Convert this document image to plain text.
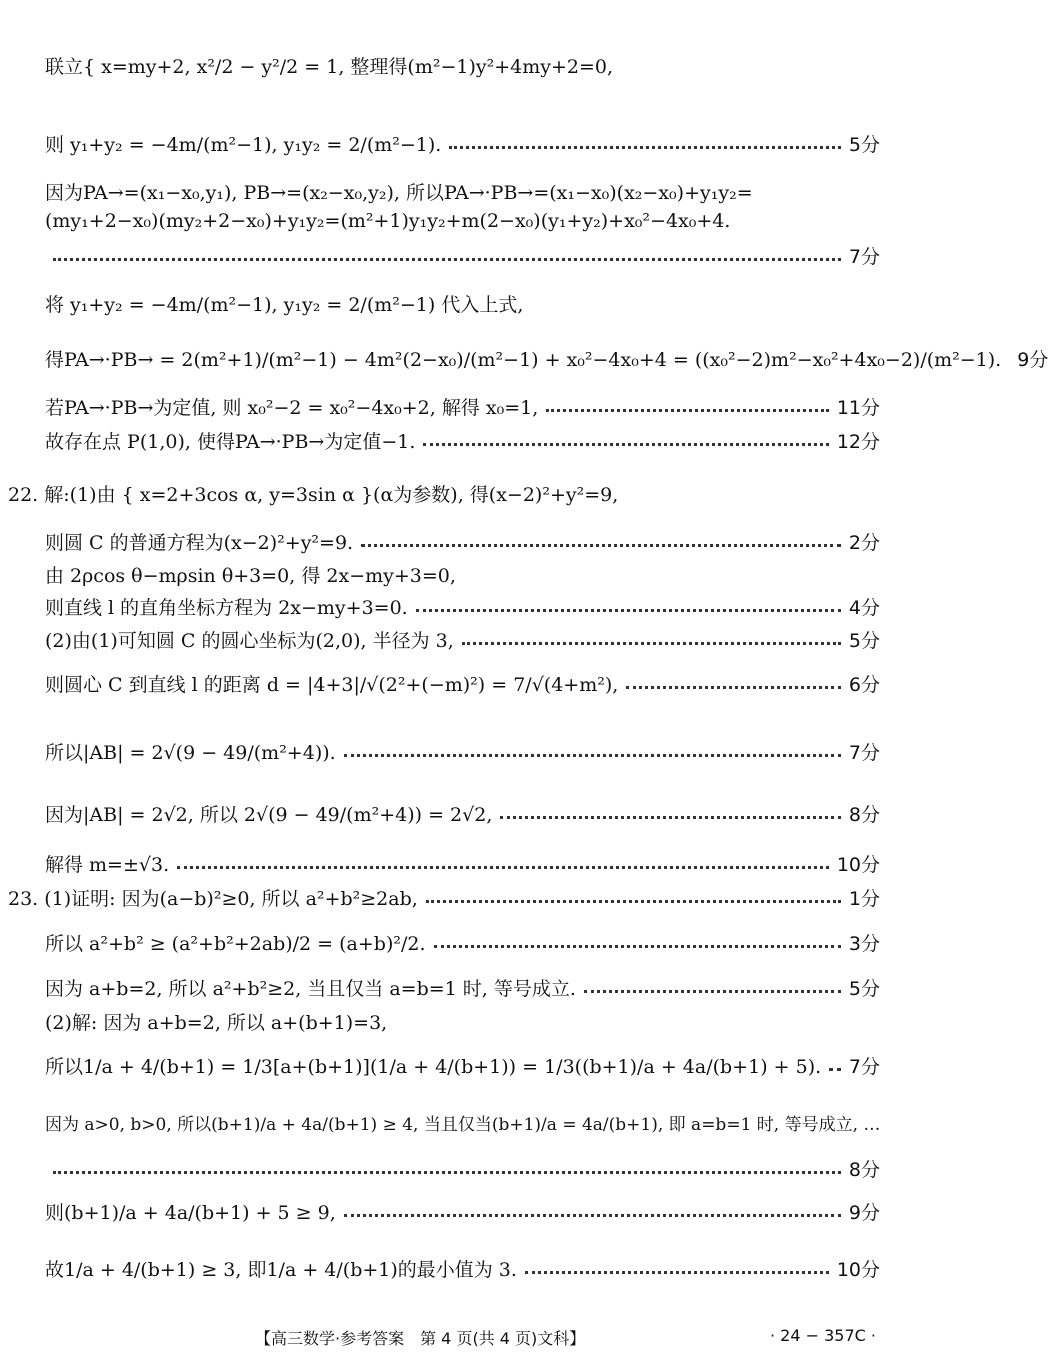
联立{ x=my+2, x²/2 − y²/2 = 1, 整理得(m²−1)y²+4my+2=0,
则 y₁+y₂ = −4m/(m²−1), y₁y₂ = 2/(m²−1).	5分
因为PA→=(x₁−x₀,y₁), PB→=(x₂−x₀,y₂), 所以PA→·PB→=(x₁−x₀)(x₂−x₀)+y₁y₂=
(my₁+2−x₀)(my₂+2−x₀)+y₁y₂=(m²+1)y₁y₂+m(2−x₀)(y₁+y₂)+x₀²−4x₀+4.
7分
将 y₁+y₂ = −4m/(m²−1), y₁y₂ = 2/(m²−1) 代入上式,
得PA→·PB→ = 2(m²+1)/(m²−1) − 4m²(2−x₀)/(m²−1) + x₀²−4x₀+4 = ((x₀²−2)m²−x₀²+4x₀−2)/(m²−1). 9分
若PA→·PB→为定值, 则 x₀²−2 = x₀²−4x₀+2, 解得 x₀=1,	11分
故存在点 P(1,0), 使得PA→·PB→为定值−1.	12分
22. 解:(1)由 { x=2+3cos α, y=3sin α }(α为参数), 得(x−2)²+y²=9,
则圆 C 的普通方程为(x−2)²+y²=9.	2分
由 2ρcos θ−mρsin θ+3=0, 得 2x−my+3=0,
则直线 l 的直角坐标方程为 2x−my+3=0.	4分
(2)由(1)可知圆 C 的圆心坐标为(2,0), 半径为 3,	5分
则圆心 C 到直线 l 的距离 d = |4+3|/√(2²+(−m)²) = 7/√(4+m²),	6分
所以|AB| = 2√(9 − 49/(m²+4)).	7分
因为|AB| = 2√2, 所以 2√(9 − 49/(m²+4)) = 2√2,	8分
解得 m=±√3.	10分
23. (1)证明: 因为(a−b)²≥0, 所以 a²+b²≥2ab,	1分
所以 a²+b² ≥ (a²+b²+2ab)/2 = (a+b)²/2.	3分
因为 a+b=2, 所以 a²+b²≥2, 当且仅当 a=b=1 时, 等号成立.	5分
(2)解: 因为 a+b=2, 所以 a+(b+1)=3,
所以1/a + 4/(b+1) = 1/3[a+(b+1)](1/a + 4/(b+1)) = 1/3((b+1)/a + 4a/(b+1) + 5). 7分
因为 a>0, b>0, 所以(b+1)/a + 4a/(b+1) ≥ 4, 当且仅当(b+1)/a = 4a/(b+1), 即 a=b=1 时, 等号成立, …
8分
则(b+1)/a + 4a/(b+1) + 5 ≥ 9,	9分
故1/a + 4/(b+1) ≥ 3, 即1/a + 4/(b+1)的最小值为 3.	10分
【高三数学·参考答案　第 4 页(共 4 页)文科】	· 24 − 357C ·
